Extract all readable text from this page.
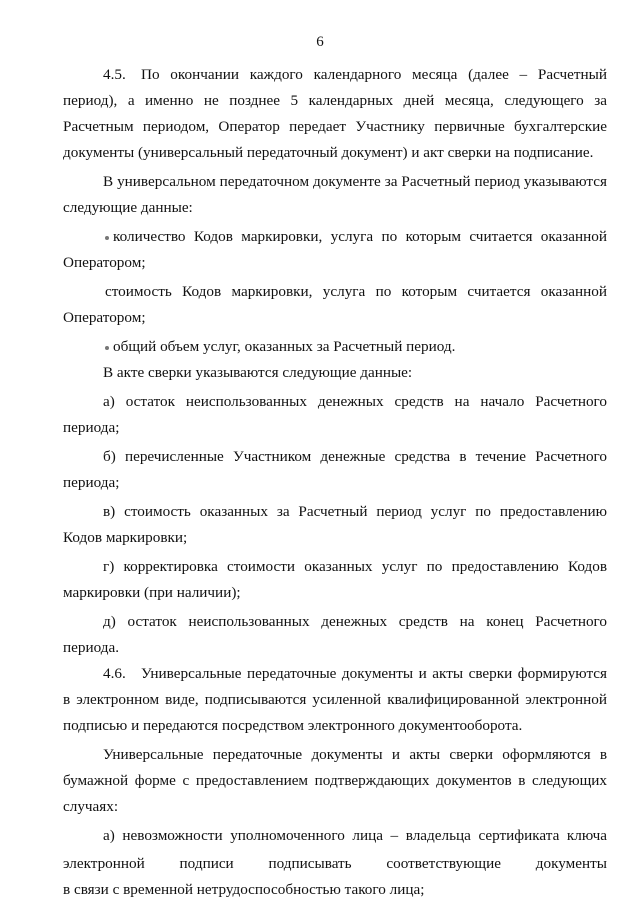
6

4.5. По окончании каждого календарного месяца (далее – Расчетный период), а именно не позднее 5 календарных дней месяца, следующего за Расчетным периодом, Оператор передает Участнику первичные бухгалтерские документы (универсальный передаточный документ) и акт сверки на подписание.

В универсальном передаточном документе за Расчетный период указываются следующие данные:

количество Кодов маркировки, услуга по которым считается оказанной Оператором;

стоимость Кодов маркировки, услуга по которым считается оказанной Оператором;

общий объем услуг, оказанных за Расчетный период.

В акте сверки указываются следующие данные:

а) остаток неиспользованных денежных средств на начало Расчетного периода;

б) перечисленные Участником денежные средства в течение Расчетного периода;

в) стоимость оказанных за Расчетный период услуг по предоставлению Кодов маркировки;

г) корректировка стоимости оказанных услуг по предоставлению Кодов маркировки (при наличии);

д) остаток неиспользованных денежных средств на конец Расчетного периода.

4.6. Универсальные передаточные документы и акты сверки формируются в электронном виде, подписываются усиленной квалифицированной электронной подписью и передаются посредством электронного документооборота.

Универсальные передаточные документы и акты сверки оформляются в бумажной форме с предоставлением подтверждающих документов в следующих случаях:

а) невозможности уполномоченного лица – владельца сертификата ключа
электронной подписи подписывать соответствующие документы
в связи с временной нетрудоспособностью такого лица;
